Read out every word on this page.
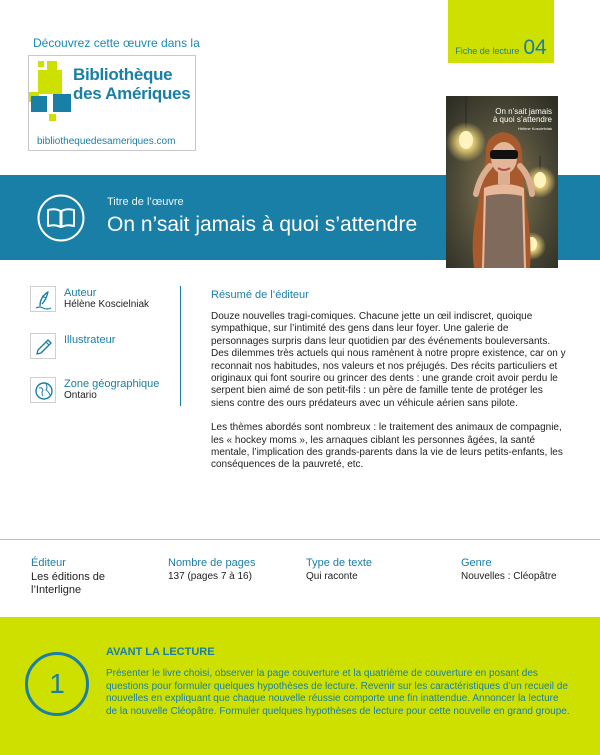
Découvrez cette œuvre dans la
Bibliothèque
des Amériques
bibliothequedesameriques.com
Fiche de lecture 04
Titre de l’œuvre
On n’sait jamais à quoi s’attendre
On n’sait jamais
à quoi s’attendre
Hélène Koscielniak
Auteur
Hélène Koscielniak
Illustrateur
Zone géographique
Ontario
Résumé de l’éditeur

Douze nouvelles tragi-comiques. Chacune jette un œil indiscret, quoique sympathique, sur l’intimité des gens dans leur foyer. Une galerie de personnages surpris dans leur quotidien par des événements bouleversants. Des dilemmes très actuels qui nous ramènent à notre propre existence, car on y reconnait nos habitudes, nos valeurs et nos préjugés. Des récits particuliers et originaux qui font sourire ou grincer des dents : une grande croit avoir perdu le serpent bien aimé de son petit-fils : un père de famille tente de protéger les siens contre des ours prédateurs avec un véhicule aérien sans pilote.

Les thèmes abordés sont nombreux : le traitement des animaux de compagnie, les « hockey moms », les arnaques ciblant les personnes âgées, la santé mentale, l’implication des grands-parents dans la vie de leurs petits-enfants, les conséquences de la pauvreté, etc.

Éditeur
Les éditions de l’Interligne
Nombre de pages
137 (pages 7 à 16)
Type de texte
Qui raconte
Genre
Nouvelles : Cléopâtre
1
AVANT LA LECTURE
Présenter le livre choisi, observer la page couverture et la quatrième de couverture en posant des questions pour formuler quelques hypothèses de lecture. Revenir sur les caractéristiques d’un recueil de nouvelles en expliquant que chaque nouvelle réussie comporte une fin inattendue. Annoncer la lecture de la nouvelle Cléopâtre. Formuler quelques hypothèses de lecture pour cette nouvelle en grand groupe.
